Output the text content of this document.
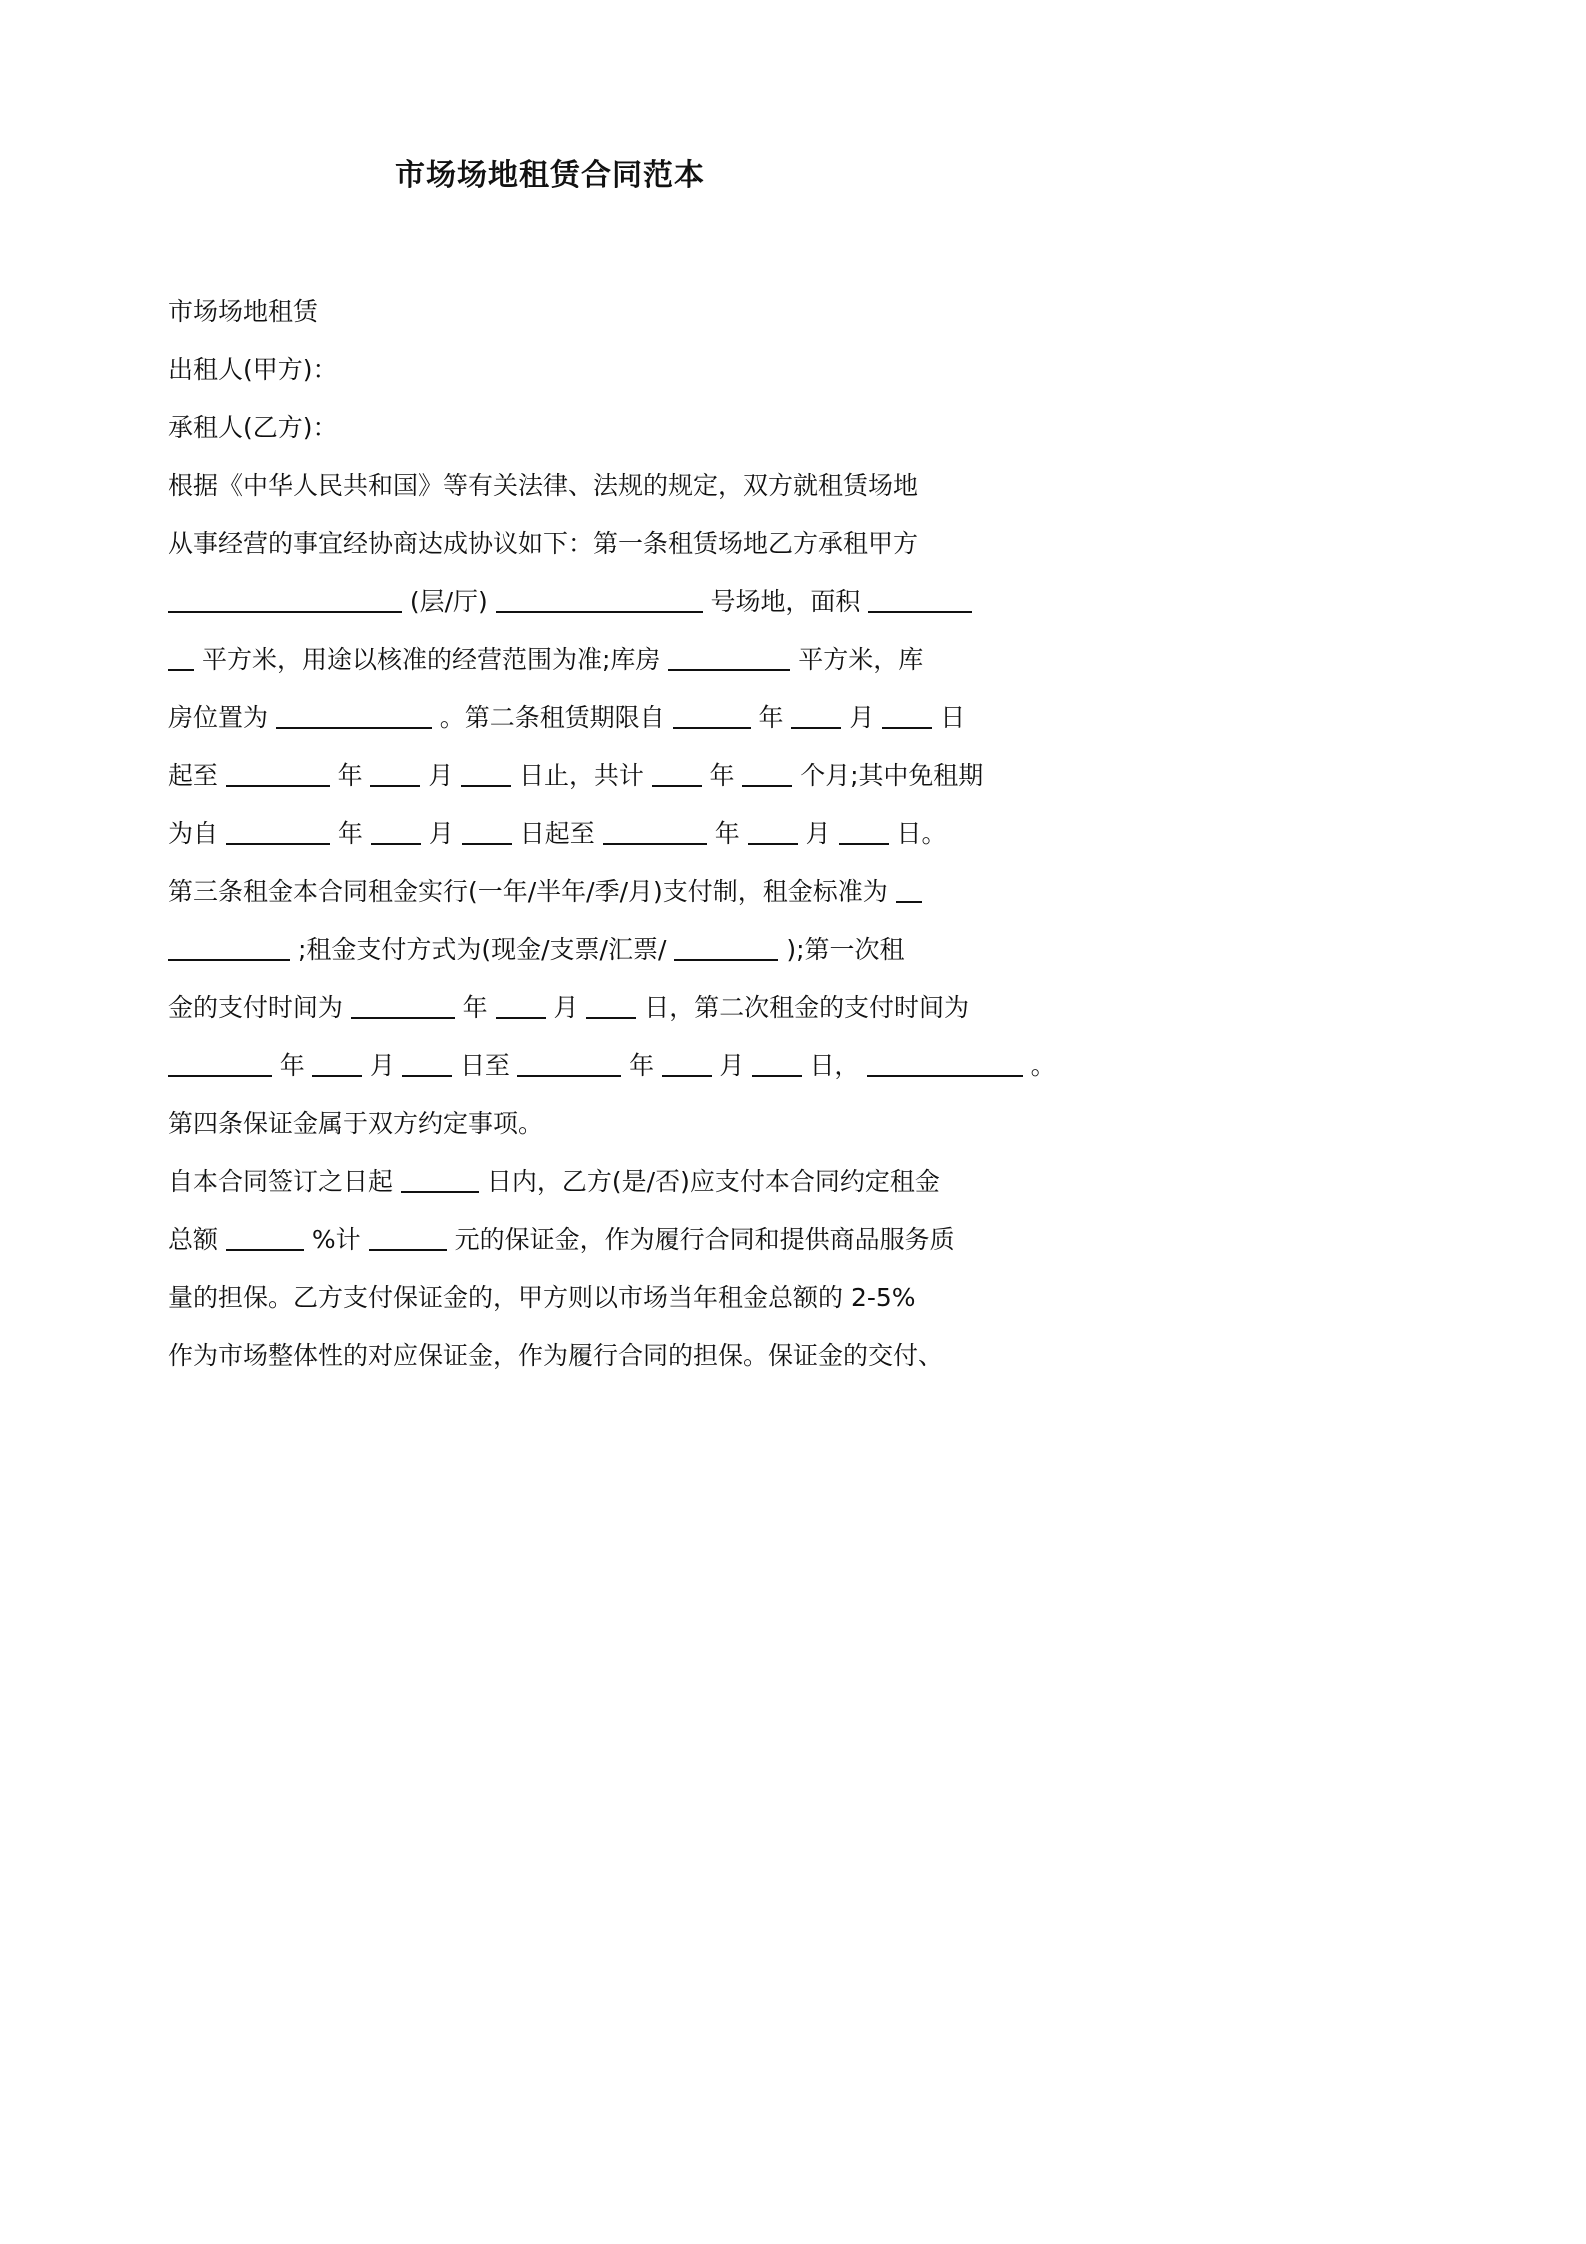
市场场地租赁合同范本
市场场地租赁
出租人(甲方)：
承租人(乙方)：
根据《中华人民共和国》等有关法律、法规的规定，双方就租赁场地
从事经营的事宜经协商达成协议如下：第一条租赁场地乙方承租甲方
(层/厅)	号场地，面积
平方米，用途以核准的经营范围为准;库房	平方米，库
房位置为	。第二条租赁期限自	年	月	日
起至	年	月	日止，共计	年	个月;其中免租期
为自	年	月	日起至	年	月	日。
第三条租金本合同租金实行(一年/半年/季/月)支付制，租金标准为
;租金支付方式为(现金/支票/汇票/	);第一次租
金的支付时间为	年	月	日，第二次租金的支付时间为
年	月	日至	年	月	日，	。
第四条保证金属于双方约定事项。
自本合同签订之日起	日内，乙方(是/否)应支付本合同约定租金
总额	%计	元的保证金，作为履行合同和提供商品服务质
量的担保。乙方支付保证金的，甲方则以市场当年租金总额的 2-5%
作为市场整体性的对应保证金，作为履行合同的担保。保证金的交付、
